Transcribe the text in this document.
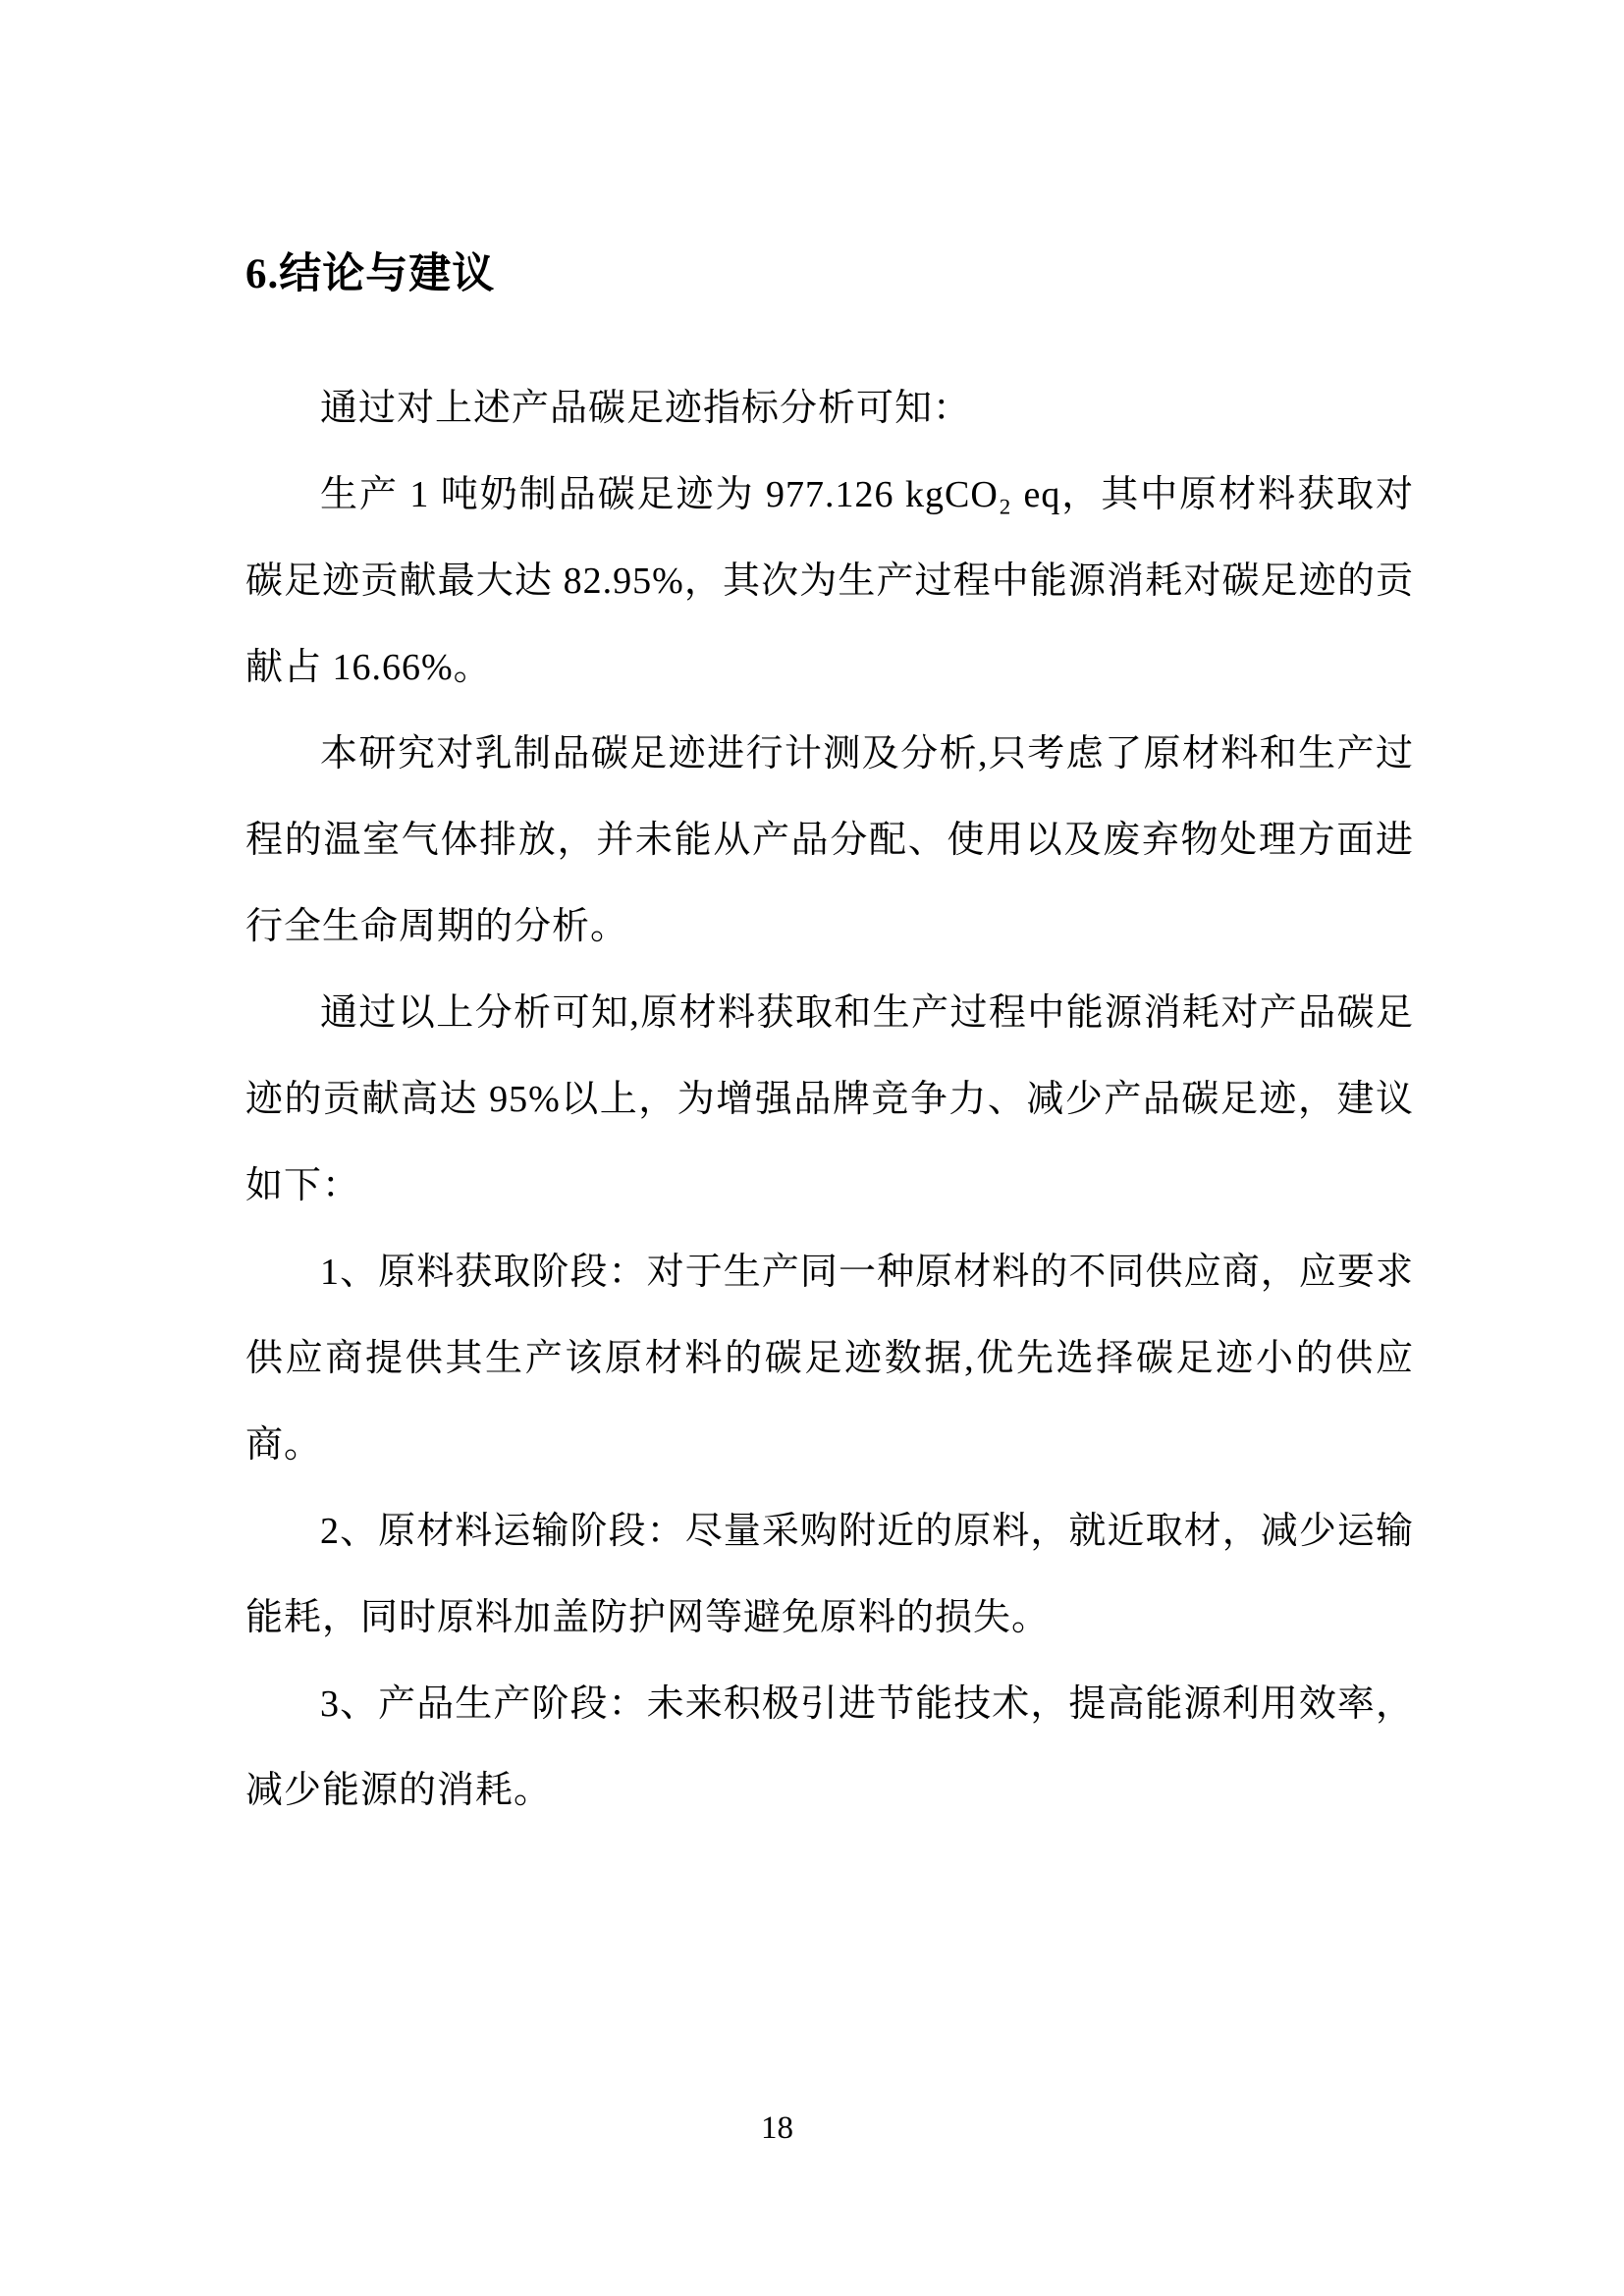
6.结论与建议

通过对上述产品碳足迹指标分析可知：

生产 1 吨奶制品碳足迹为 977.126 kgCO₂ eq，其中原材料获取对碳足迹贡献最大达 82.95%，其次为生产过程中能源消耗对碳足迹的贡献占 16.66%。

本研究对乳制品碳足迹进行计测及分析,只考虑了原材料和生产过程的温室气体排放，并未能从产品分配、使用以及废弃物处理方面进行全生命周期的分析。

通过以上分析可知,原材料获取和生产过程中能源消耗对产品碳足迹的贡献高达 95%以上，为增强品牌竞争力、减少产品碳足迹，建议如下：

1、原料获取阶段：对于生产同一种原材料的不同供应商，应要求供应商提供其生产该原材料的碳足迹数据,优先选择碳足迹小的供应商。

2、原材料运输阶段：尽量采购附近的原料，就近取材，减少运输能耗，同时原料加盖防护网等避免原料的损失。

3、产品生产阶段：未来积极引进节能技术，提高能源利用效率，减少能源的消耗。

18
